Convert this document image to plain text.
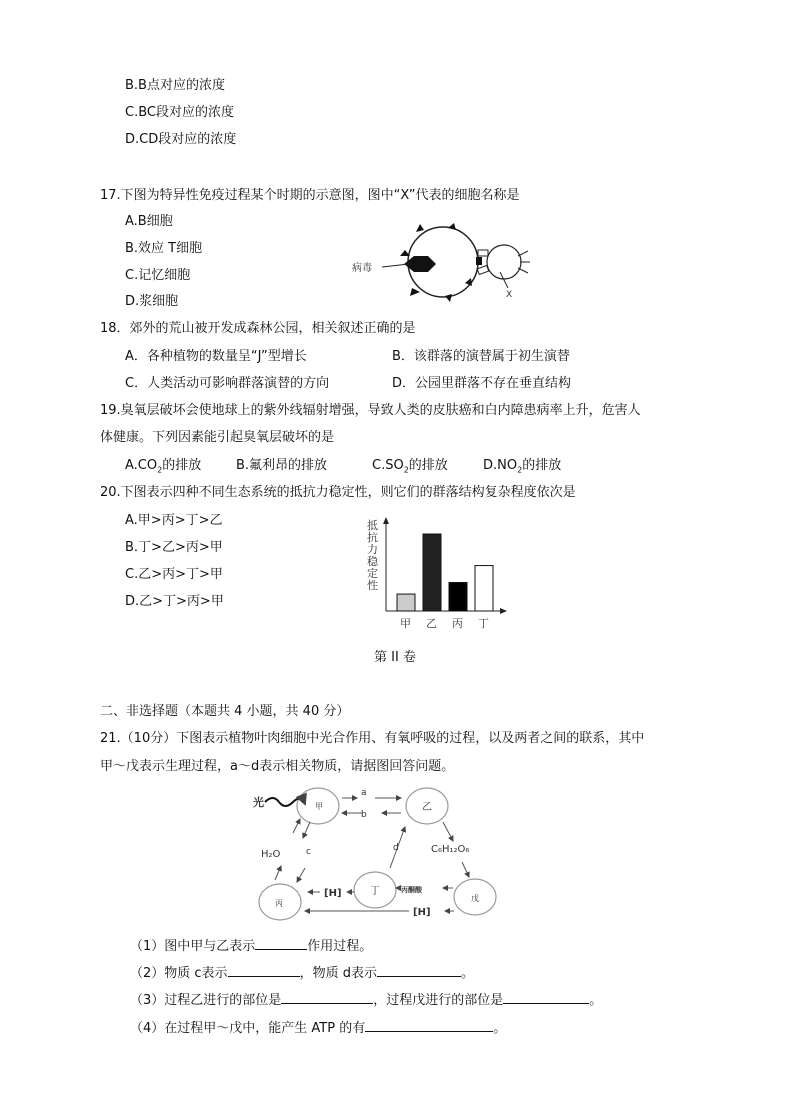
B.B点对应的浓度
C.BC段对应的浓度
D.CD段对应的浓度
17.下图为特异性免疫过程某个时期的示意图，图中“X”代表的细胞名称是
A.B细胞
B.效应 T细胞
C.记忆细胞
D.浆细胞
病毒
X
18．郊外的荒山被开发成森林公园，相关叙述正确的是
A．各种植物的数量呈“J”型增长	B．该群落的演替属于初生演替
C．人类活动可影响群落演替的方向	D．公园里群落不存在垂直结构
19.臭氧层破坏会使地球上的紫外线辐射增强，导致人类的皮肤癌和白内障患病率上升，危害人
体健康。下列因素能引起臭氧层破坏的是
$A.CO_2$的排放	B.氟利昂的排放	$C.SO_2$的排放	$D.NO_2$的排放
20.下图表示四种不同生态系统的抵抗力稳定性，则它们的群落结构复杂程度依次是
A.甲>丙>丁>乙
B.丁>乙>丙>甲
C.乙>丙>丁>甲
D.乙>丁>丙>甲
抵
抗
力
稳
定
性
甲 乙 丙 丁
第 II 卷
二、非选择题（本题共 4 小题，共 40 分）
21.（10分）下图表示植物叶肉细胞中光合作用、有氧呼吸的过程，以及两者之间的联系，其中
甲～戊表示生理过程，a～d表示相关物质，请据图回答问题。
光	甲	乙
丁
戊
丙
a
b
c	d
H₂O	C₆H₁₂O₆
丙酮酸
[H]
[H]
（1）图中甲与乙表示	作用过程。
（2）物质 c表示	，物质 d表示	。
（3）过程乙进行的部位是	，过程戊进行的部位是	。
（4）在过程甲～戊中，能产生 ATP 的有	。
